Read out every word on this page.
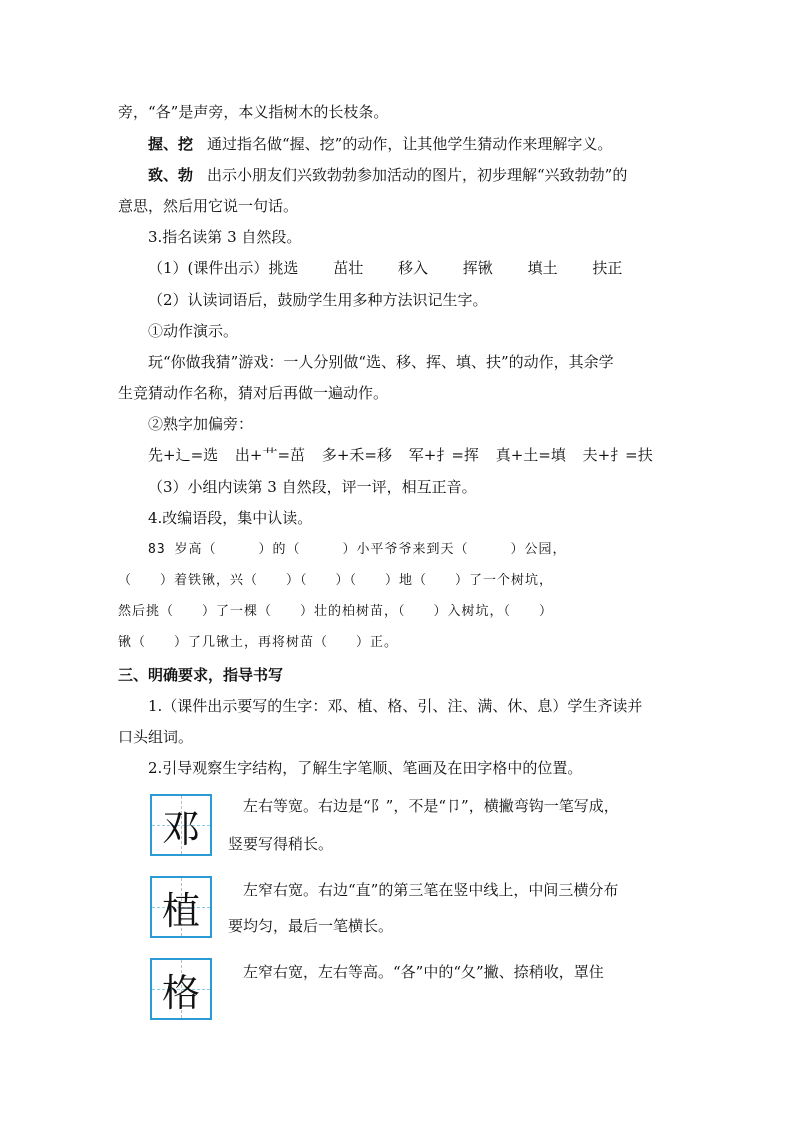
旁，“各”是声旁，本义指树木的长枝条。
握、挖 通过指名做“握、挖”的动作，让其他学生猜动作来理解字义。
致、勃 出示小朋友们兴致勃勃参加活动的图片，初步理解“兴致勃勃”的
意思，然后用它说一句话。
3.指名读第 3 自然段。
（1）(课件出示）挑选 茁壮 移入 挥锹 填土 扶正
（2）认读词语后，鼓励学生用多种方法识记生字。
①动作演示。
玩“你做我猜”游戏：一人分别做“选、移、挥、填、扶”的动作，其余学
生竞猜动作名称，猜对后再做一遍动作。
②熟字加偏旁：
先+辶=选 出+艹=茁 多+禾=移 军+扌=挥 真+土=填 夫+扌=扶
（3）小组内读第 3 自然段，评一评，相互正音。
4.改编语段，集中认读。
83 岁高（　　　）的（　　　）小平爷爷来到天（　　　）公园，
（　　）着铁锹，兴（　　）（　　）（　　）地（　　）了一个树坑，
然后挑（　　）了一棵（　　）壮的柏树苗，（　　）入树坑，（　　）
锹（　　）了几锹土，再将树苗（　　）正。
三、明确要求，指导书写
1.（课件出示要写的生字：邓、植、格、引、注、满、休、息）学生齐读并
口头组词。
2.引导观察生字结构，了解生字笔顺、笔画及在田字格中的位置。
邓
　左右等宽。右边是“阝”，不是“卩”，横撇弯钩一笔写成，
竖要写得稍长。
植
　	左窄右宽。右边“直”的第三笔在竖中线上，中间三横分布
要均匀，最后一笔横长。
格
　	左窄右宽，左右等高。“各”中的“夂”撇、捺稍收，罩住
